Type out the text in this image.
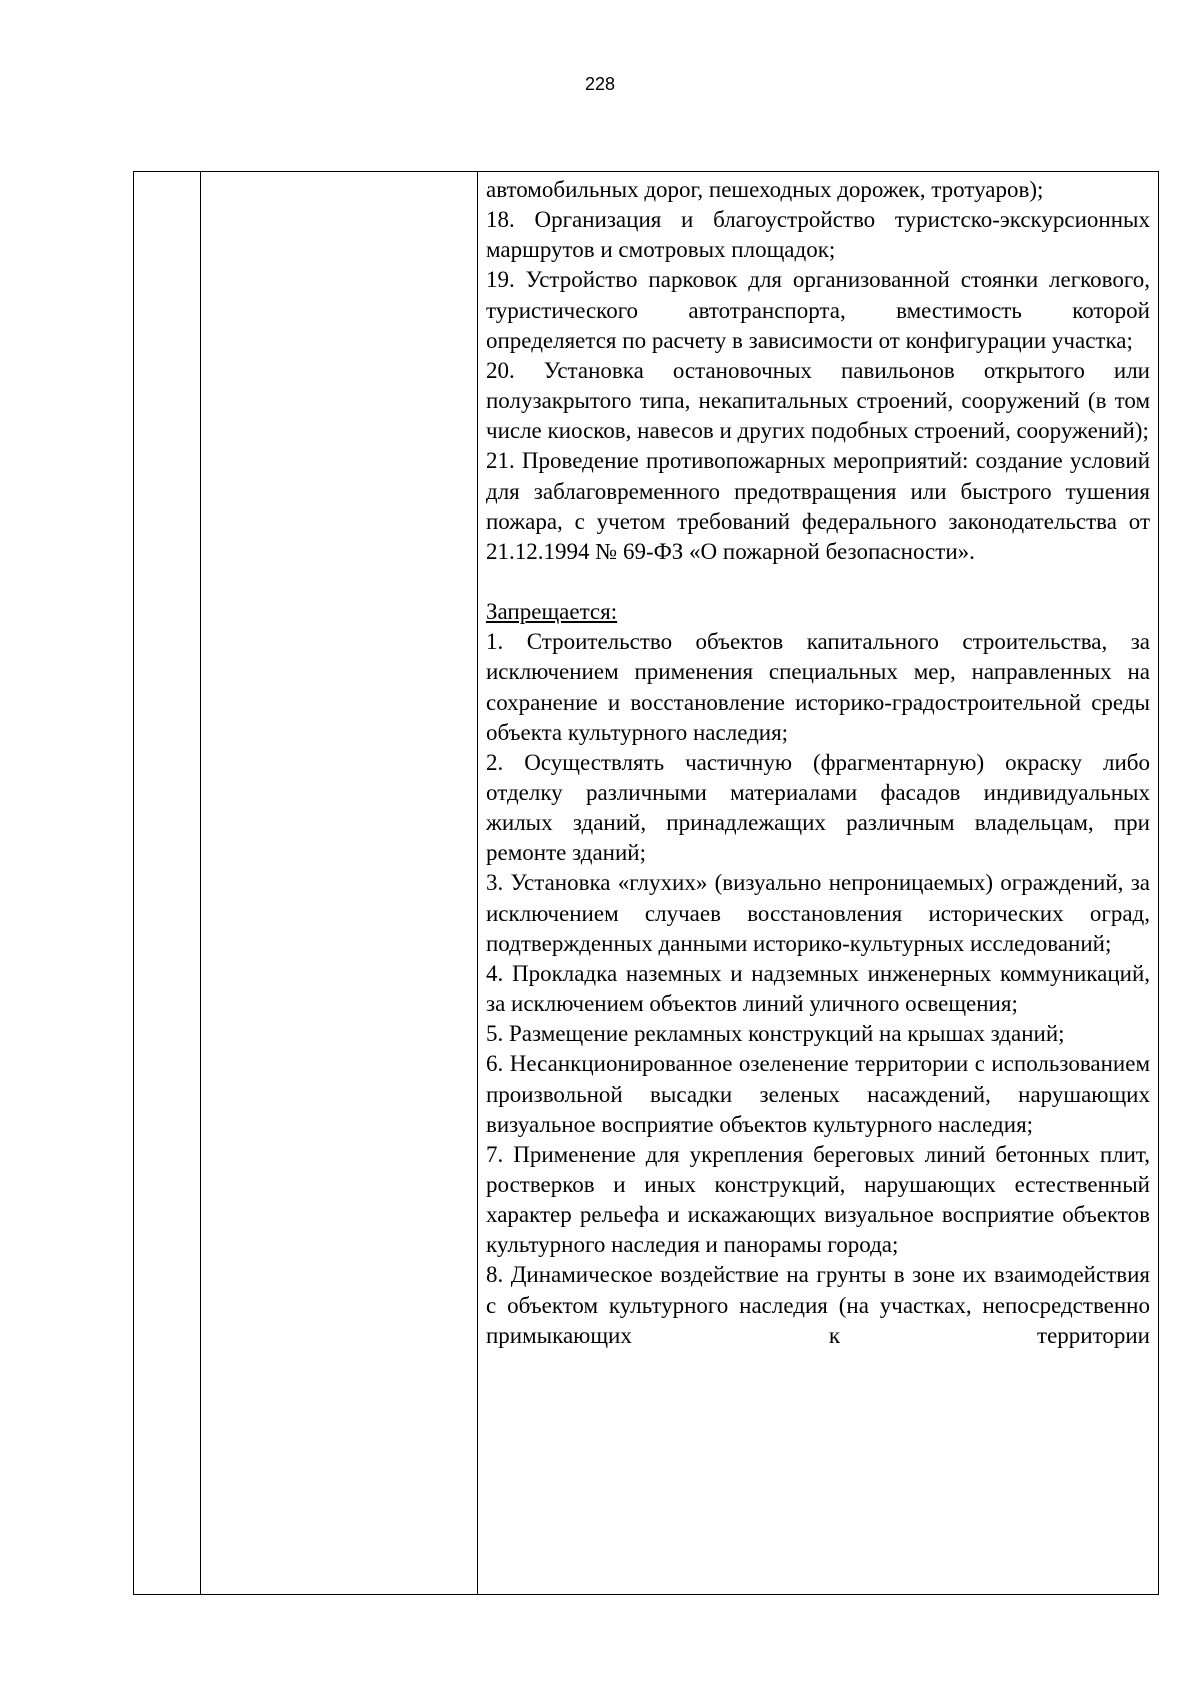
228

автомобильных дорог, пешеходных дорожек, тротуаров);

18. Организация и благоустройство туристско-экскурсионных маршрутов и смотровых площадок;

19. Устройство парковок для организованной стоянки легкового, туристического автотранспорта, вместимость которой определяется по расчету в зависимости от конфигурации участка;

20. Установка остановочных павильонов открытого или полузакрытого типа, некапитальных строений, сооружений (в том числе киосков, навесов и других подобных строений, сооружений);

21. Проведение противопожарных мероприятий: создание условий для заблаговременного предотвращения или быстрого тушения пожара, с учетом требований федерального законодательства от 21.12.1994 № 69-ФЗ «О пожарной безопасности».

Запрещается:

1. Строительство объектов капитального строительства, за исключением применения специальных мер, направленных на сохранение и восстановление историко-градостроительной среды объекта культурного наследия;

2. Осуществлять частичную (фрагментарную) окраску либо отделку различными материалами фасадов индивидуальных жилых зданий, принадлежащих различным владельцам, при ремонте зданий;

3. Установка «глухих» (визуально непроницаемых) ограждений, за исключением случаев восстановления исторических оград, подтвержденных данными историко-культурных исследований;

4. Прокладка наземных и надземных инженерных коммуникаций, за исключением объектов линий уличного освещения;

5. Размещение рекламных конструкций на крышах зданий;

6. Несанкционированное озеленение территории с использованием произвольной высадки зеленых насаждений, нарушающих визуальное восприятие объектов культурного наследия;

7. Применение для укрепления береговых линий бетонных плит, ростверков и иных конструкций, нарушающих естественный характер рельефа и искажающих визуальное восприятие объектов культурного наследия и панорамы города;

8. Динамическое воздействие на грунты в зоне их взаимодействия с объектом культурного наследия (на участках, непосредственно примыкающих к территории
